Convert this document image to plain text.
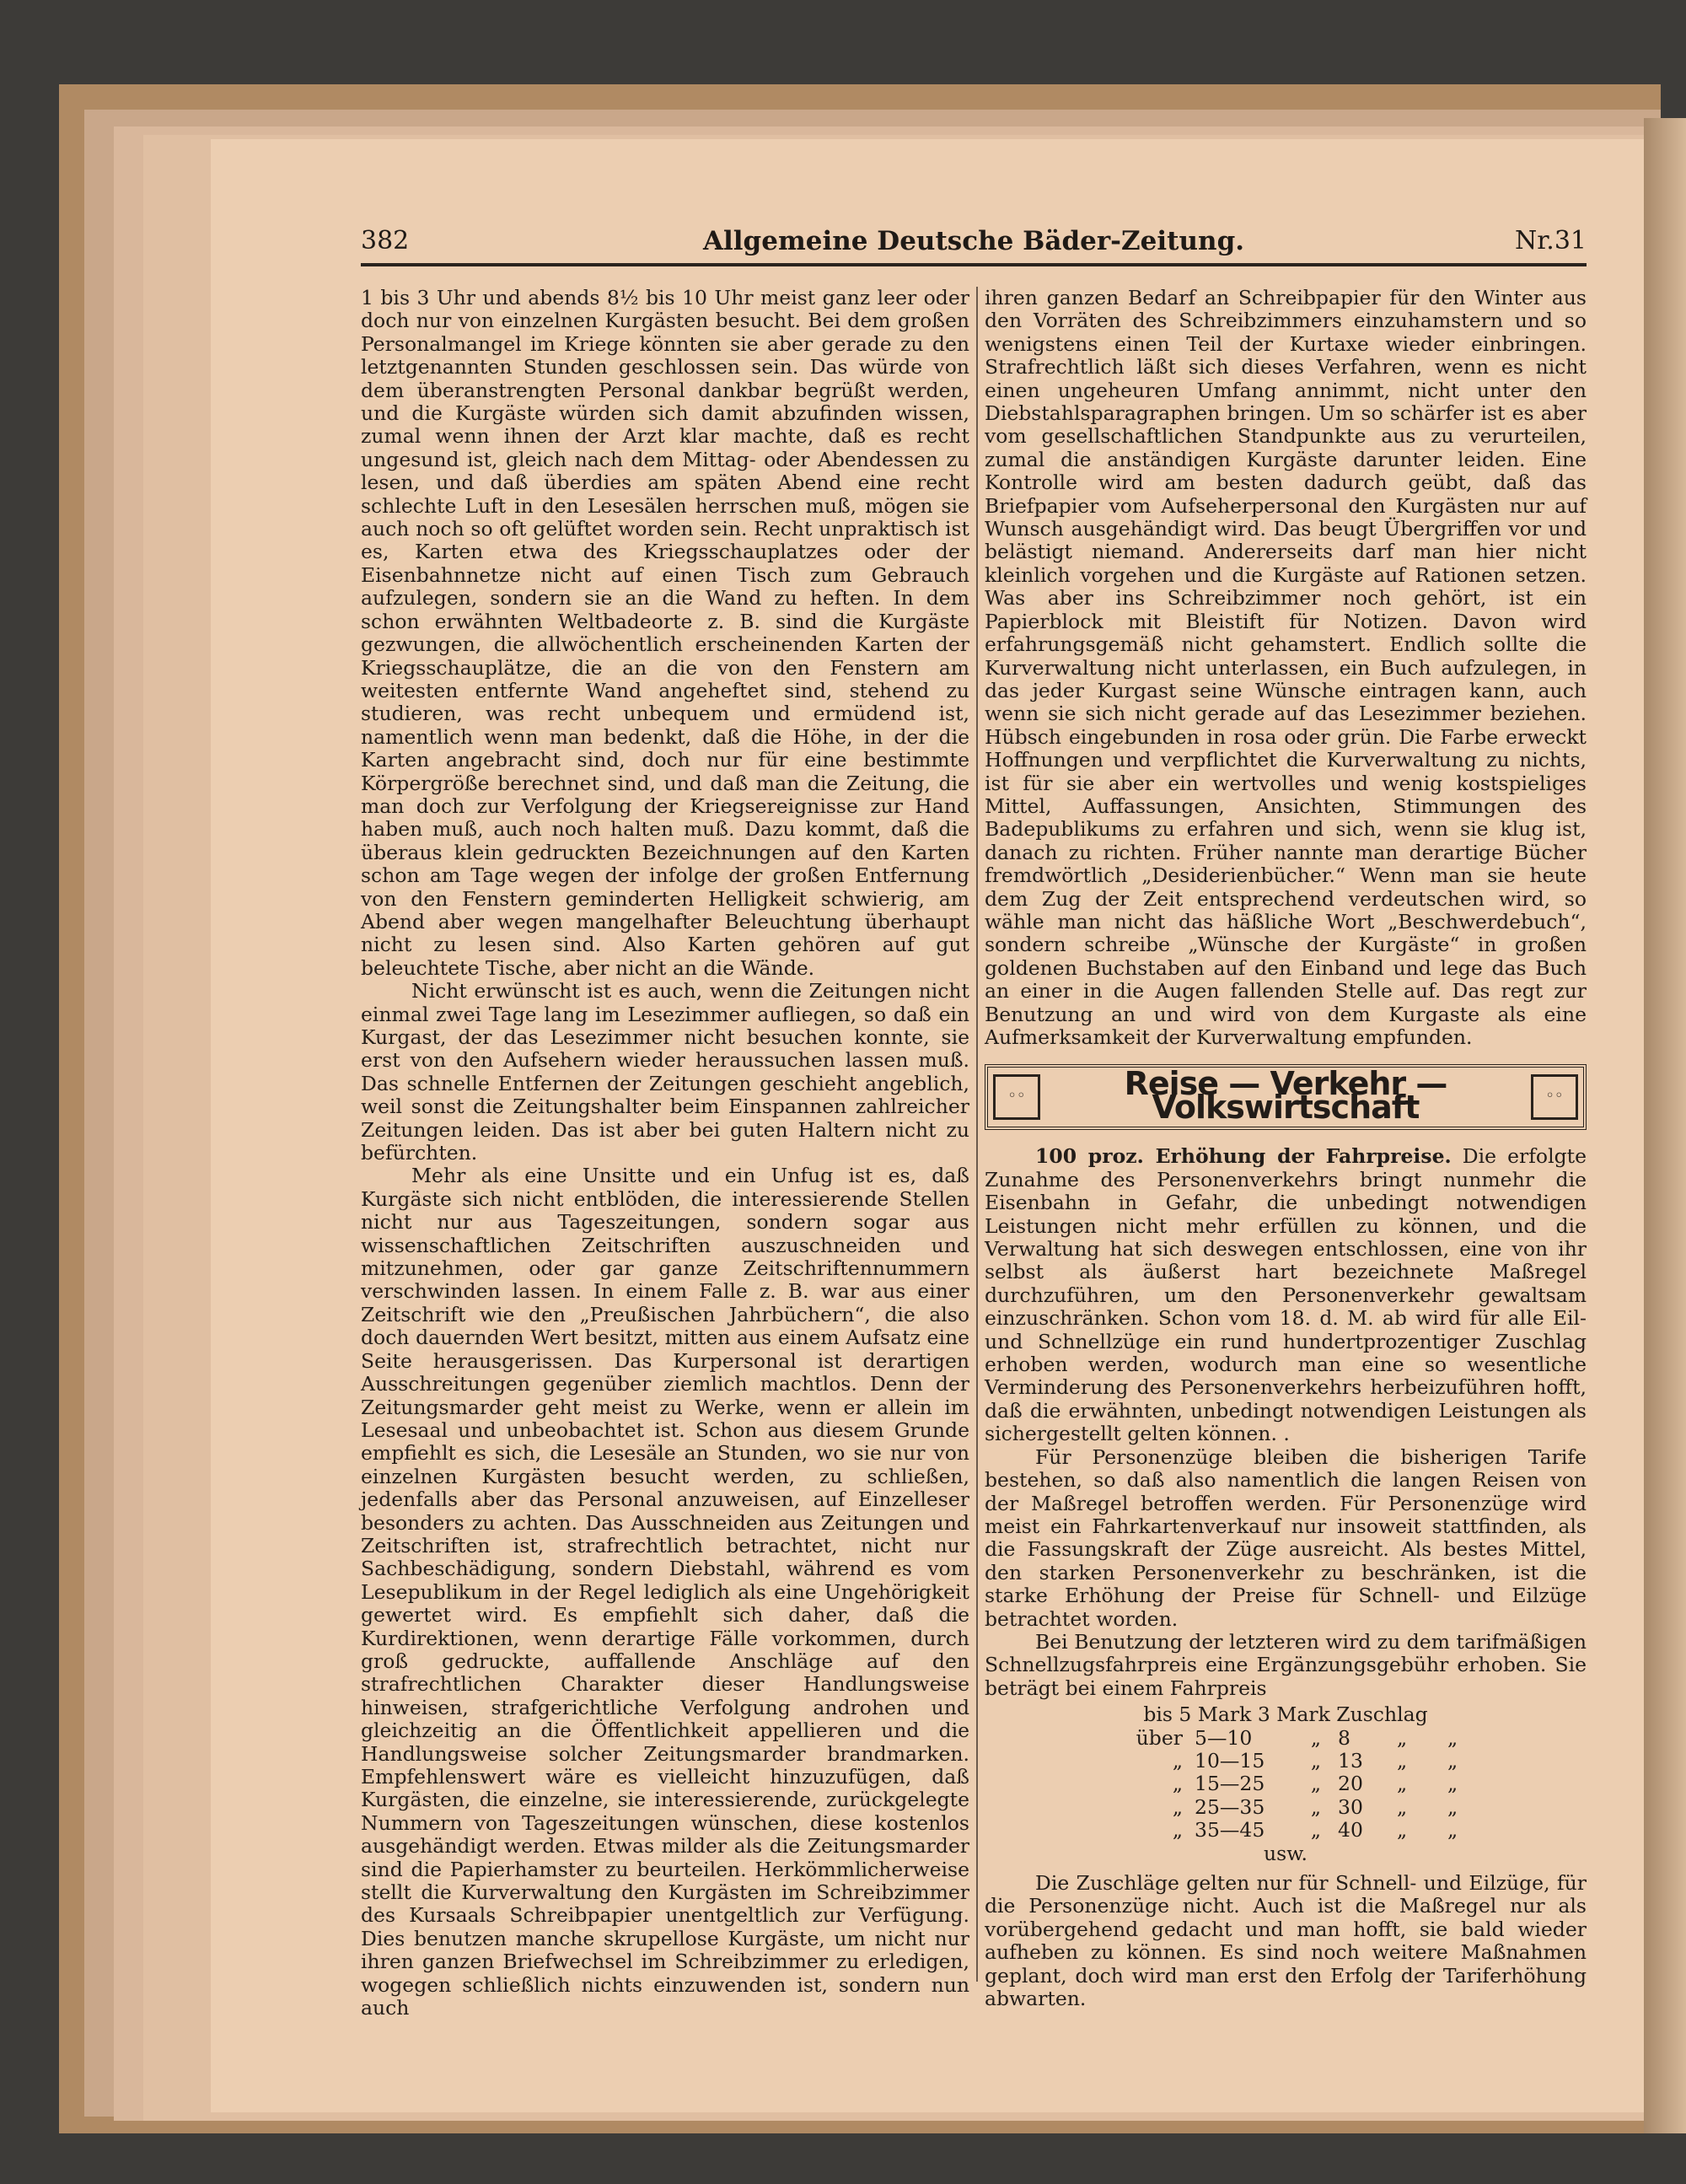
382	Allgemeine Deutsche Bäder-Zeitung.	Nr.31

1 bis 3 Uhr und abends 8½ bis 10 Uhr meist ganz leer oder doch nur von einzelnen Kurgästen besucht. Bei dem großen Personalmangel im Kriege könnten sie aber gerade zu den letztgenannten Stunden geschlossen sein. Das würde von dem überanstrengten Personal dankbar begrüßt werden, und die Kurgäste würden sich damit abzufinden wissen, zumal wenn ihnen der Arzt klar machte, daß es recht ungesund ist, gleich nach dem Mittag- oder Abendessen zu lesen, und daß überdies am späten Abend eine recht schlechte Luft in den Lesesälen herrschen muß, mögen sie auch noch so oft gelüftet worden sein. Recht unpraktisch ist es, Karten etwa des Kriegsschauplatzes oder der Eisenbahnnetze nicht auf einen Tisch zum Gebrauch aufzulegen, sondern sie an die Wand zu heften. In dem schon erwähnten Weltbadeorte z. B. sind die Kurgäste gezwungen, die allwöchentlich erscheinenden Karten der Kriegsschauplätze, die an die von den Fenstern am weitesten entfernte Wand angeheftet sind, stehend zu studieren, was recht unbequem und ermüdend ist, namentlich wenn man bedenkt, daß die Höhe, in der die Karten angebracht sind, doch nur für eine bestimmte Körpergröße berechnet sind, und daß man die Zeitung, die man doch zur Verfolgung der Kriegsereignisse zur Hand haben muß, auch noch halten muß. Dazu kommt, daß die überaus klein gedruckten Bezeichnungen auf den Karten schon am Tage wegen der infolge der großen Entfernung von den Fenstern geminderten Helligkeit schwierig, am Abend aber wegen mangelhafter Beleuchtung überhaupt nicht zu lesen sind. Also Karten gehören auf gut beleuchtete Tische, aber nicht an die Wände.

Nicht erwünscht ist es auch, wenn die Zeitungen nicht einmal zwei Tage lang im Lesezimmer aufliegen, so daß ein Kurgast, der das Lesezimmer nicht besuchen konnte, sie erst von den Aufsehern wieder heraussuchen lassen muß. Das schnelle Entfernen der Zeitungen geschieht angeblich, weil sonst die Zeitungshalter beim Einspannen zahlreicher Zeitungen leiden. Das ist aber bei guten Haltern nicht zu befürchten.

Mehr als eine Unsitte und ein Unfug ist es, daß Kurgäste sich nicht entblöden, die interessierende Stellen nicht nur aus Tageszeitungen, sondern sogar aus wissenschaftlichen Zeitschriften auszuschneiden und mitzunehmen, oder gar ganze Zeitschriftennummern verschwinden lassen. In einem Falle z. B. war aus einer Zeitschrift wie den „Preußischen Jahrbüchern“, die also doch dauernden Wert besitzt, mitten aus einem Aufsatz eine Seite herausgerissen. Das Kurpersonal ist derartigen Ausschreitungen gegenüber ziemlich machtlos. Denn der Zeitungsmarder geht meist zu Werke, wenn er allein im Lesesaal und unbeobachtet ist. Schon aus diesem Grunde empfiehlt es sich, die Lesesäle an Stunden, wo sie nur von einzelnen Kurgästen besucht werden, zu schließen, jedenfalls aber das Personal anzuweisen, auf Einzelleser besonders zu achten. Das Ausschneiden aus Zeitungen und Zeitschriften ist, strafrechtlich betrachtet, nicht nur Sachbeschädigung, sondern Diebstahl, während es vom Lesepublikum in der Regel lediglich als eine Ungehörigkeit gewertet wird. Es empfiehlt sich daher, daß die Kurdirektionen, wenn derartige Fälle vorkommen, durch groß gedruckte, auffallende Anschläge auf den strafrechtlichen Charakter dieser Handlungsweise hinweisen, strafgerichtliche Verfolgung androhen und gleichzeitig an die Öffentlichkeit appellieren und die Handlungsweise solcher Zeitungsmarder brandmarken. Empfehlenswert wäre es vielleicht hinzuzufügen, daß Kurgästen, die einzelne, sie interessierende, zurückgelegte Nummern von Tageszeitungen wünschen, diese kostenlos ausgehändigt werden. Etwas milder als die Zeitungsmarder sind die Papierhamster zu beurteilen. Herkömmlicherweise stellt die Kurverwaltung den Kurgästen im Schreibzimmer des Kursaals Schreibpapier unentgeltlich zur Verfügung. Dies benutzen manche skrupellose Kurgäste, um nicht nur ihren ganzen Briefwechsel im Schreibzimmer zu erledigen, wogegen schließlich nichts einzuwenden ist, sondern nun auch

ihren ganzen Bedarf an Schreibpapier für den Winter aus den Vorräten des Schreibzimmers einzuhamstern und so wenigstens einen Teil der Kurtaxe wieder einbringen. Strafrechtlich läßt sich dieses Verfahren, wenn es nicht einen ungeheuren Umfang annimmt, nicht unter den Diebstahlsparagraphen bringen. Um so schärfer ist es aber vom gesellschaftlichen Standpunkte aus zu verurteilen, zumal die anständigen Kurgäste darunter leiden. Eine Kontrolle wird am besten dadurch geübt, daß das Briefpapier vom Aufseherpersonal den Kurgästen nur auf Wunsch ausgehändigt wird. Das beugt Übergriffen vor und belästigt niemand. Andererseits darf man hier nicht kleinlich vorgehen und die Kurgäste auf Rationen setzen. Was aber ins Schreibzimmer noch gehört, ist ein Papierblock mit Bleistift für Notizen. Davon wird erfahrungsgemäß nicht gehamstert. Endlich sollte die Kurverwaltung nicht unterlassen, ein Buch aufzulegen, in das jeder Kurgast seine Wünsche eintragen kann, auch wenn sie sich nicht gerade auf das Lesezimmer beziehen. Hübsch eingebunden in rosa oder grün. Die Farbe erweckt Hoffnungen und verpflichtet die Kurverwaltung zu nichts, ist für sie aber ein wertvolles und wenig kostspieliges Mittel, Auffassungen, Ansichten, Stimmungen des Badepublikums zu erfahren und sich, wenn sie klug ist, danach zu richten. Früher nannte man derartige Bücher fremdwörtlich „Desiderienbücher.“ Wenn man sie heute dem Zug der Zeit entsprechend verdeutschen wird, so wähle man nicht das häßliche Wort „Beschwerdebuch“, sondern schreibe „Wünsche der Kurgäste“ in großen goldenen Buchstaben auf den Einband und lege das Buch an einer in die Augen fallenden Stelle auf. Das regt zur Benutzung an und wird von dem Kurgaste als eine Aufmerksamkeit der Kurverwaltung empfunden.

◦◦	Reise — Verkehr — Volkswirtschaft	◦◦

100 proz. Erhöhung der Fahrpreise. Die erfolgte Zunahme des Personenverkehrs bringt nunmehr die Eisenbahn in Gefahr, die unbedingt notwendigen Leistungen nicht mehr erfüllen zu können, und die Verwaltung hat sich deswegen entschlossen, eine von ihr selbst als äußerst hart bezeichnete Maßregel durchzuführen, um den Personenverkehr gewaltsam einzuschränken. Schon vom 18. d. M. ab wird für alle Eil- und Schnellzüge ein rund hundertprozentiger Zuschlag erhoben werden, wodurch man eine so wesentliche Verminderung des Personenverkehrs herbeizuführen hofft, daß die erwähnten, unbedingt notwendigen Leistungen als sichergestellt gelten können. .

Für Personenzüge bleiben die bisherigen Tarife bestehen, so daß also namentlich die langen Reisen von der Maßregel betroffen werden. Für Personenzüge wird meist ein Fahrkartenverkauf nur insoweit stattfinden, als die Fassungskraft der Züge ausreicht. Als bestes Mittel, den starken Personenverkehr zu beschränken, ist die starke Erhöhung der Preise für Schnell- und Eilzüge betrachtet worden.

Bei Benutzung der letzteren wird zu dem tarifmäßigen Schnellzugsfahrpreis eine Ergänzungsgebühr erhoben. Sie beträgt bei einem Fahrpreis

bis 5 Mark 3 Mark Zuschlag
über 5—10	„ 8	„	„
„ 10—15	„ 13	„	„
„ 15—25	„ 20	„	„
„ 25—35	„ 30	„	„
„ 35—45	„ 40	„	„
usw.

Die Zuschläge gelten nur für Schnell- und Eilzüge, für die Personenzüge nicht. Auch ist die Maßregel nur als vorübergehend gedacht und man hofft, sie bald wieder aufheben zu können. Es sind noch weitere Maßnahmen geplant, doch wird man erst den Erfolg der Tariferhöhung abwarten.
